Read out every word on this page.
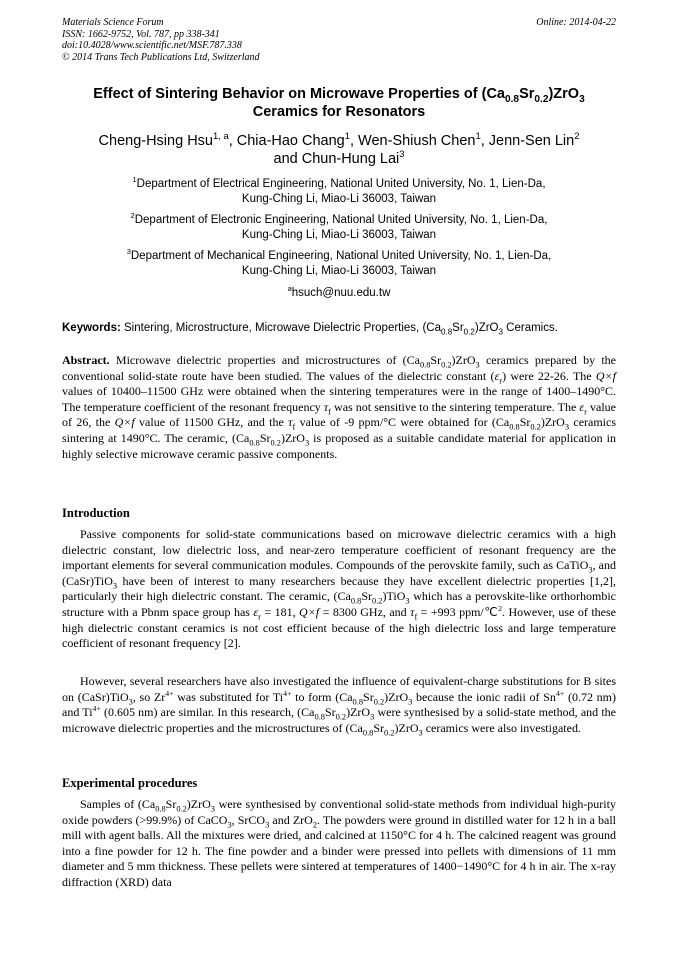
Materials Science Forum
ISSN: 1662-9752, Vol. 787, pp 338-341
doi:10.4028/www.scientific.net/MSF.787.338
© 2014 Trans Tech Publications Ltd, Switzerland
Online: 2014-04-22
Effect of Sintering Behavior on Microwave Properties of $(Ca_{0.8}Sr_{0.2})ZrO_3$
Ceramics for Resonators
Cheng-Hsing Hsu$^{1, a}$, Chia-Hao Chang$^1$, Wen-Shiush Chen$^1$, Jenn-Sen Lin$^2$
and Chun-Hung Lai$^3$
$^1$Department of Electrical Engineering, National United University, No. 1, Lien-Da,
Kung-Ching Li, Miao-Li 36003, Taiwan
$^2$Department of Electronic Engineering, National United University, No. 1, Lien-Da,
Kung-Ching Li, Miao-Li 36003, Taiwan
$^3$Department of Mechanical Engineering, National United University, No. 1, Lien-Da,
Kung-Ching Li, Miao-Li 36003, Taiwan
$^a$hsuch@nuu.edu.tw
Keywords: Sintering, Microstructure, Microwave Dielectric Properties, $(Ca_{0.8}Sr_{0.2})ZrO_3$ Ceramics.
Abstract. Microwave dielectric properties and microstructures of $(Ca_{0.8}Sr_{0.2})ZrO_3$ ceramics prepared by the conventional solid-state route have been studied. The values of the dielectric constant $(\varepsilon_r)$ were 22-26. The Q×f values of 10400–11500 GHz were obtained when the sintering temperatures were in the range of 1400–1490°C. The temperature coefficient of the resonant frequency $\tau_f$ was not sensitive to the sintering temperature. The $\varepsilon_r$ value of 26, the Q×f value of 11500 GHz, and the $\tau_f$ value of -9 ppm/°C were obtained for $(Ca_{0.8}Sr_{0.2})ZrO_3$ ceramics sintering at 1490°C. The ceramic, $(Ca_{0.8}Sr_{0.2})ZrO_3$ is proposed as a suitable candidate material for application in highly selective microwave ceramic passive components.
Introduction
Passive components for solid-state communications based on microwave dielectric ceramics with a high dielectric constant, low dielectric loss, and near-zero temperature coefficient of resonant frequency are the important elements for several communication modules. Compounds of the perovskite family, such as CaTiO$_3$, and (CaSr)TiO$_3$ have been of interest to many researchers because they have excellent dielectric properties [1,2], particularly their high dielectric constant. The ceramic, $(Ca_{0.8}Sr_{0.2})TiO_3$ which has a perovskite-like orthorhombic structure with a Pbnm space group has $\varepsilon_r = 181$, Q×f = 8300 GHz, and $\tau_f = +993$ ppm/℃$^2$. However, use of these high dielectric constant ceramics is not cost efficient because of the high dielectric loss and large temperature coefficient of resonant frequency [2].
However, several researchers have also investigated the influence of equivalent-charge substitutions for B sites on (CaSr)TiO$_3$, so $Zr^{4+}$ was substituted for $Ti^{4+}$ to form $(Ca_{0.8}Sr_{0.2})ZrO_3$ because the ionic radii of $Sn^{4+}$ (0.72 nm) and $Ti^{4+}$ (0.605 nm) are similar. In this research, $(Ca_{0.8}Sr_{0.2})ZrO_3$ were synthesised by a solid-state method, and the microwave dielectric properties and the microstructures of $(Ca_{0.8}Sr_{0.2})ZrO_3$ ceramics were also investigated.
Experimental procedures
Samples of $(Ca_{0.8}Sr_{0.2})ZrO_3$ were synthesised by conventional solid-state methods from individual high-purity oxide powders (>99.9%) of CaCO$_3$, SrCO$_3$ and ZrO$_2$. The powders were ground in distilled water for 12 h in a ball mill with agent balls. All the mixtures were dried, and calcined at 1150°C for 4 h. The calcined reagent was ground into a fine powder for 12 h. The fine powder and a binder were pressed into pellets with dimensions of 11 mm diameter and 5 mm thickness. These pellets were sintered at temperatures of 1400−1490°C for 4 h in air. The x-ray diffraction (XRD) data
